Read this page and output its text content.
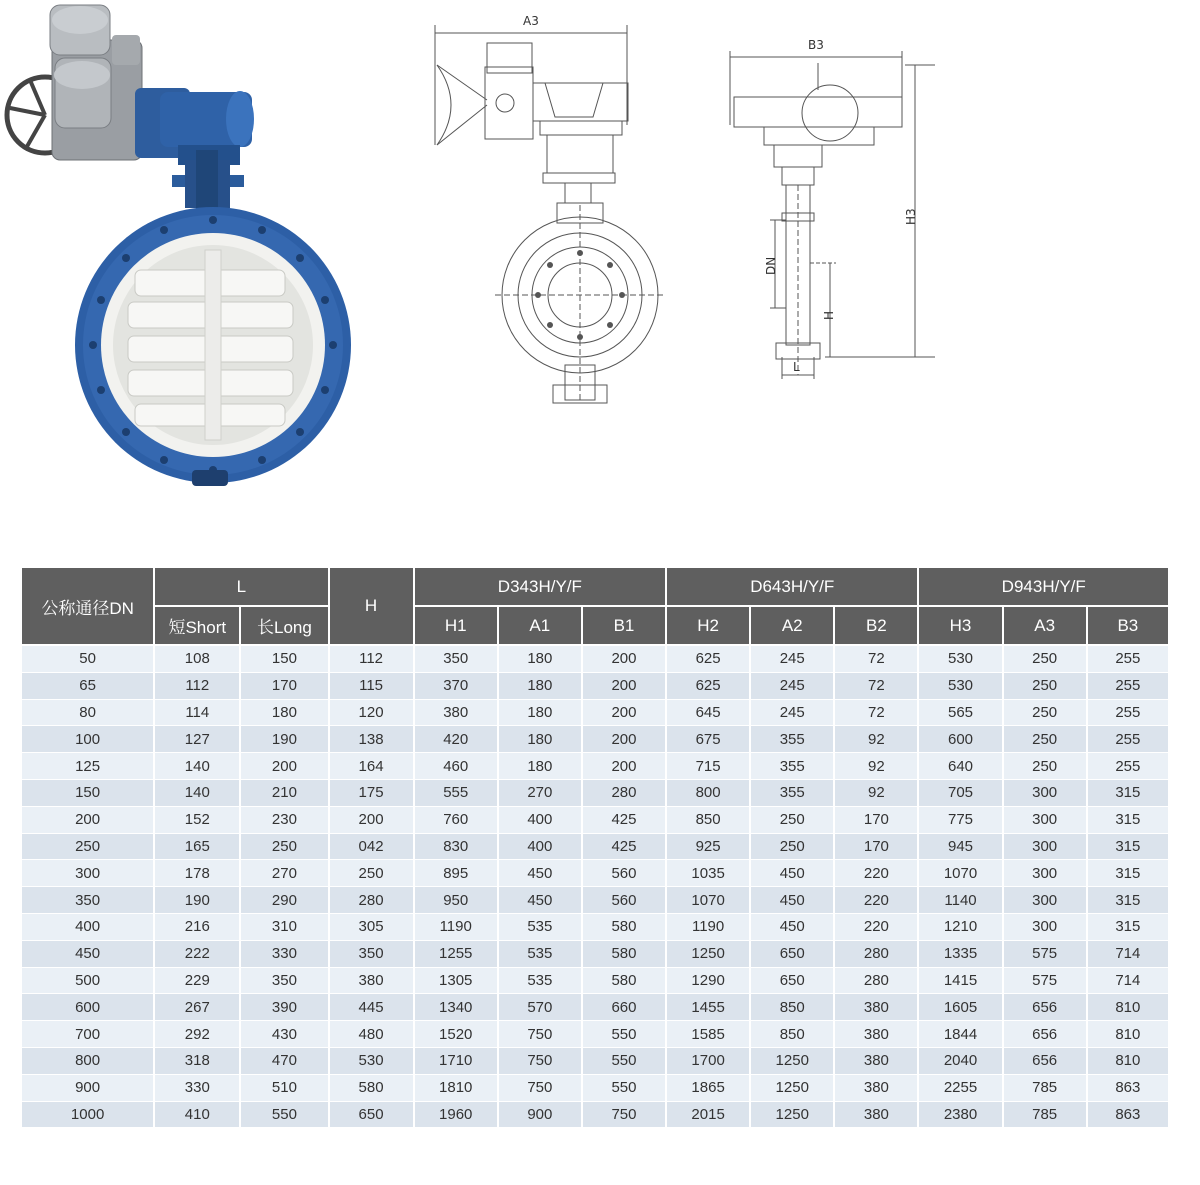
A3
B3
H3
DN
H
L
公称通径DN	L		H	D343H/Y/F			D643H/Y/F			D943H/Y/F		
	短Short	长Long		H1	A1	B1	H2	A2	B2	H3	A3	B3
50	108	150	112	350	180	200	625	245	72	530	250	255
65	112	170	115	370	180	200	625	245	72	530	250	255
80	114	180	120	380	180	200	645	245	72	565	250	255
100	127	190	138	420	180	200	675	355	92	600	250	255
125	140	200	164	460	180	200	715	355	92	640	250	255
150	140	210	175	555	270	280	800	355	92	705	300	315
200	152	230	200	760	400	425	850	250	170	775	300	315
250	165	250	042	830	400	425	925	250	170	945	300	315
300	178	270	250	895	450	560	1035	450	220	1070	300	315
350	190	290	280	950	450	560	1070	450	220	1140	300	315
400	216	310	305	1190	535	580	1190	450	220	1210	300	315
450	222	330	350	1255	535	580	1250	650	280	1335	575	714
500	229	350	380	1305	535	580	1290	650	280	1415	575	714
600	267	390	445	1340	570	660	1455	850	380	1605	656	810
700	292	430	480	1520	750	550	1585	850	380	1844	656	810
800	318	470	530	1710	750	550	1700	1250	380	2040	656	810
900	330	510	580	1810	750	550	1865	1250	380	2255	785	863
1000	410	550	650	1960	900	750	2015	1250	380	2380	785	863
